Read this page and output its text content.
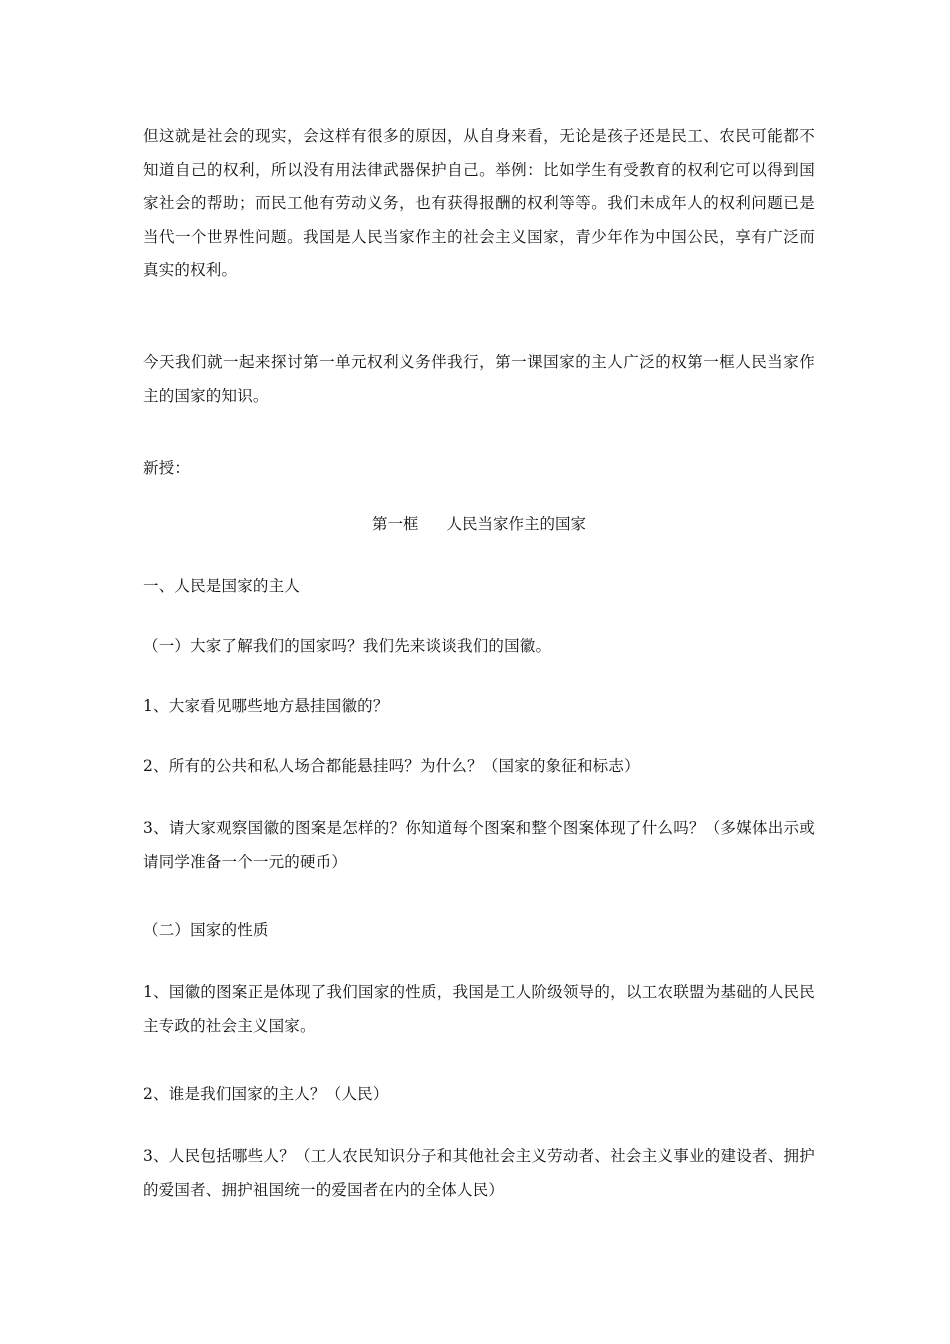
但这就是社会的现实，会这样有很多的原因，从自身来看，无论是孩子还是民工、农民可能都不知道自己的权利，所以没有用法律武器保护自己。举例：比如学生有受教育的权利它可以得到国家社会的帮助；而民工他有劳动义务，也有获得报酬的权利等等。我们未成年人的权利问题已是当代一个世界性问题。我国是人民当家作主的社会主义国家，青少年作为中国公民，享有广泛而真实的权利。

今天我们就一起来探讨第一单元权利义务伴我行，第一课国家的主人广泛的权第一框人民当家作主的国家的知识。

新授：

第一框 人民当家作主的国家

一、人民是国家的主人

（一）大家了解我们的国家吗？我们先来谈谈我们的国徽。

1、大家看见哪些地方悬挂国徽的？

2、所有的公共和私人场合都能悬挂吗？为什么？（国家的象征和标志）

3、请大家观察国徽的图案是怎样的？你知道每个图案和整个图案体现了什么吗？（多媒体出示或请同学准备一个一元的硬币）

（二）国家的性质

1、国徽的图案正是体现了我们国家的性质，我国是工人阶级领导的，以工农联盟为基础的人民民主专政的社会主义国家。

2、谁是我们国家的主人？（人民）

3、人民包括哪些人？（工人农民知识分子和其他社会主义劳动者、社会主义事业的建设者、拥护的爱国者、拥护祖国统一的爱国者在内的全体人民）
